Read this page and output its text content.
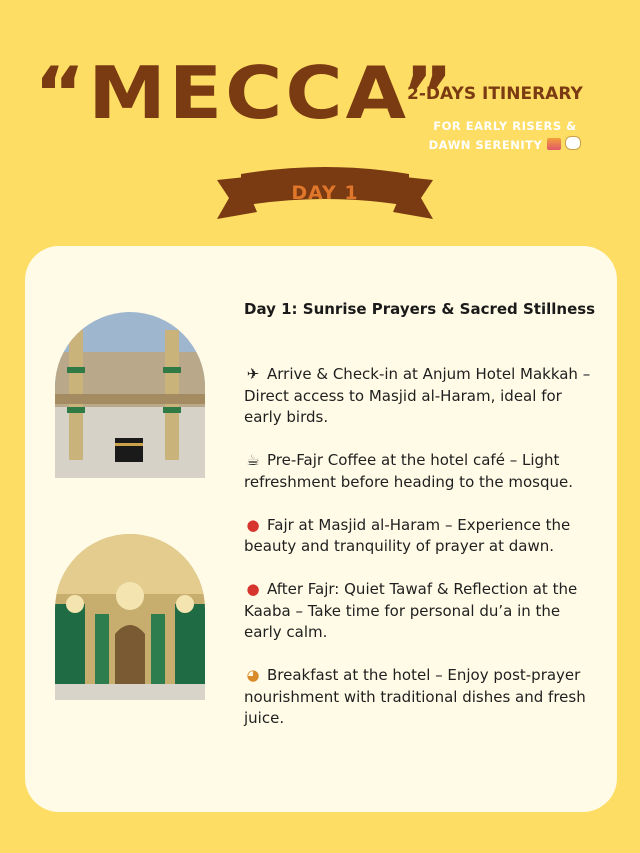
“MECCA”
2-DAYS ITINERARY
FOR EARLY RISERS &
DAWN SERENITY
DAY 1
Day 1: Sunrise Prayers & Sacred Stillness
✈ Arrive & Check-in at Anjum Hotel Makkah – Direct access to Masjid al-Haram, ideal for early birds.
☕ Pre-Fajr Coffee at the hotel café – Light refreshment before heading to the mosque.
● Fajr at Masjid al-Haram – Experience the beauty and tranquility of prayer at dawn.
● After Fajr: Quiet Tawaf & Reflection at the Kaaba – Take time for personal du’a in the early calm.
◕ Breakfast at the hotel – Enjoy post-prayer nourishment with traditional dishes and fresh juice.
